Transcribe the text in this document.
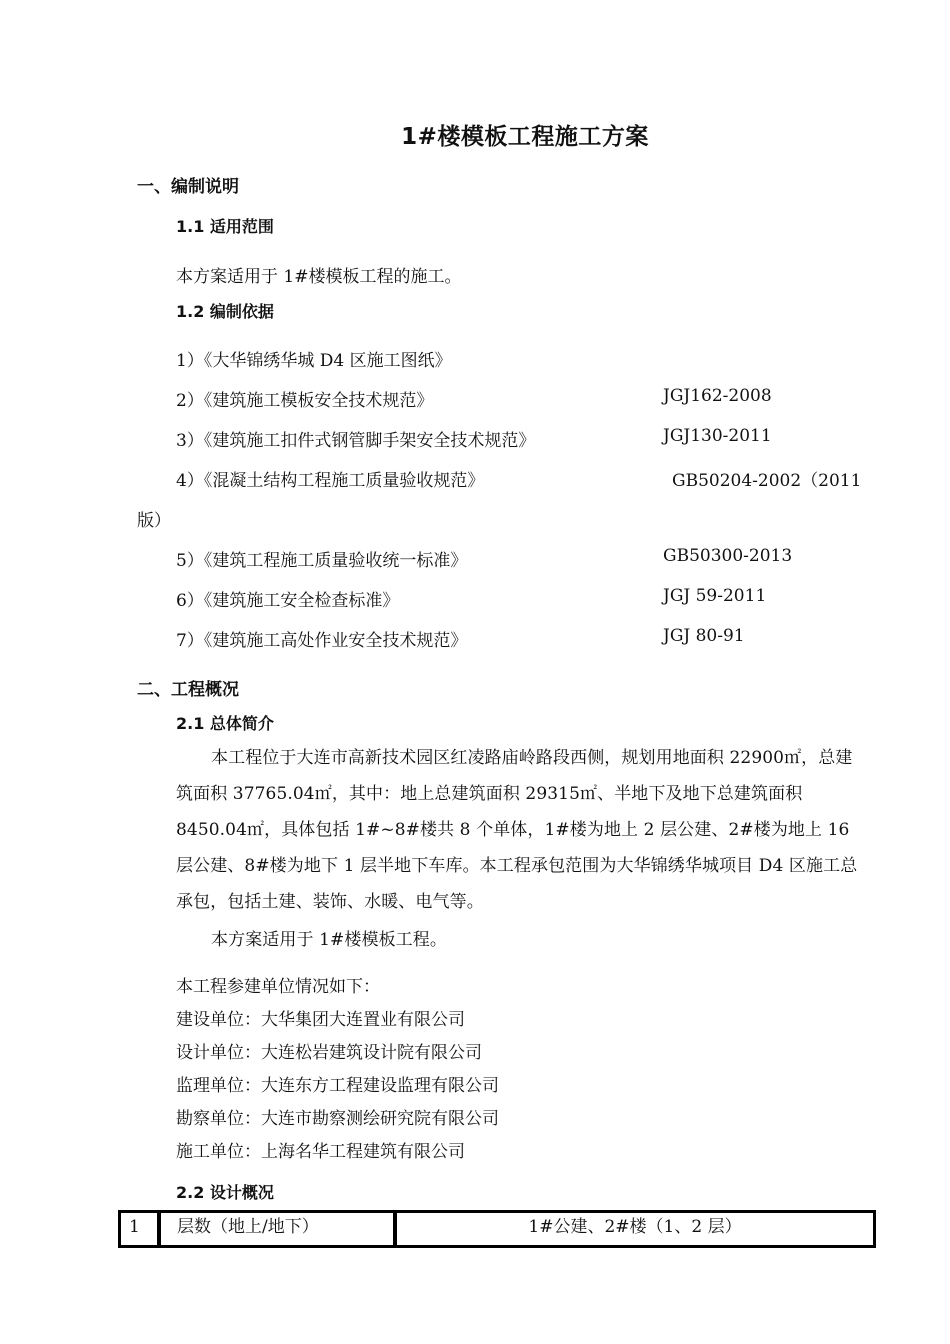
1#楼模板工程施工方案
一、编制说明
1.1 适用范围
本方案适用于 1#楼模板工程的施工。
1.2 编制依据
1）《大华锦绣华城 D4 区施工图纸》
2）《建筑施工模板安全技术规范》	JGJ162-2008
3）《建筑施工扣件式钢管脚手架安全技术规范》	JGJ130-2011
4）《混凝土结构工程施工质量验收规范》	GB50204-2002（2011
版）
5）《建筑工程施工质量验收统一标准》	GB50300-2013
6）《建筑施工安全检查标准》	JGJ 59-2011
7）《建筑施工高处作业安全技术规范》	JGJ 80-91
二、工程概况
2.1 总体简介
本工程位于大连市高新技术园区红凌路庙岭路段西侧，规划用地面积 22900㎡，总建筑面积 37765.04㎡，其中：地上总建筑面积 29315㎡、半地下及地下总建筑面积 8450.04㎡，具体包括 1#~8#楼共 8 个单体，1#楼为地上 2 层公建、2#楼为地上 16 层公建、8#楼为地下 1 层半地下车库。本工程承包范围为大华锦绣华城项目 D4 区施工总承包，包括土建、装饰、水暖、电气等。
本方案适用于 1#楼模板工程。
本工程参建单位情况如下：
建设单位：大华集团大连置业有限公司
设计单位：大连松岩建筑设计院有限公司
监理单位：大连东方工程建设监理有限公司
勘察单位：大连市勘察测绘研究院有限公司
施工单位：上海名华工程建筑有限公司
2.2 设计概况
1	层数（地上/地下）	1#公建、2#楼（1、2 层）
